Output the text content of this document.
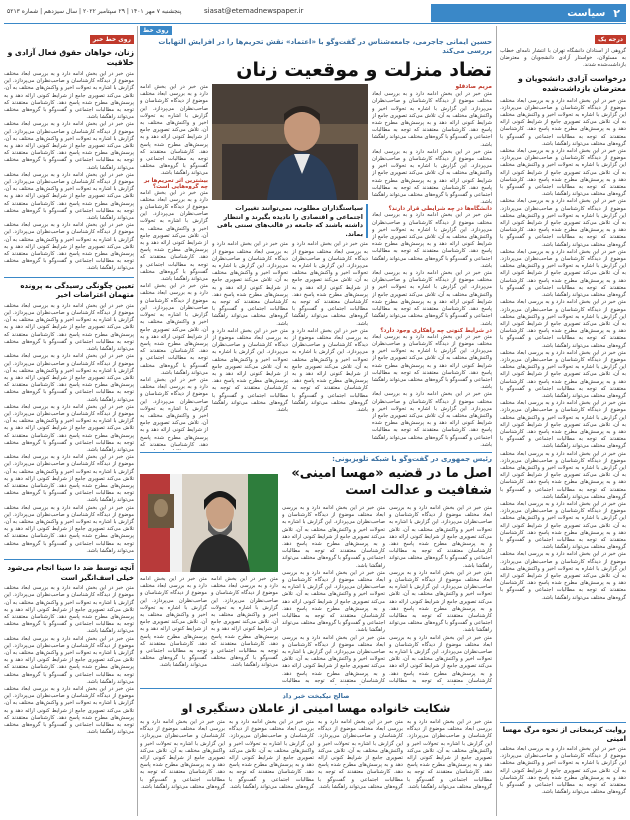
۲
سیاست
siasat@etemadnewspaper.ir
پنجشنبه ۷ مهر ۱۴۰۱ | ۲۹ سپتامبر ۲۰۲۲ | سال سیزدهم | شماره ۵۲۱۳
درجه یک
گروهی از استادان دانشگاه تهران با انتشار نامه‌ای خطاب به مسئولان، خواستار آزادی دانشجویان و معترضان بازداشت‌شده شدند.
درخواست آزادی دانشجویان و معترضان بازداشت‌شده
متن خبر در این بخش ادامه دارد و به بررسی ابعاد مختلف موضوع از دیدگاه کارشناسان و صاحب‌نظران می‌پردازد. این گزارش با اشاره به تحولات اخیر و واکنش‌های مختلف به آن، تلاش می‌کند تصویری جامع از شرایط کنونی ارائه دهد و به پرسش‌های مطرح شده پاسخ دهد. کارشناسان معتقدند که توجه به مطالبات اجتماعی و گفت‌وگو با گروه‌های مختلف می‌تواند راهگشا باشد.
متن خبر در این بخش ادامه دارد و به بررسی ابعاد مختلف موضوع از دیدگاه کارشناسان و صاحب‌نظران می‌پردازد. این گزارش با اشاره به تحولات اخیر و واکنش‌های مختلف به آن، تلاش می‌کند تصویری جامع از شرایط کنونی ارائه دهد و به پرسش‌های مطرح شده پاسخ دهد. کارشناسان معتقدند که توجه به مطالبات اجتماعی و گفت‌وگو با گروه‌های مختلف می‌تواند راهگشا باشد.
متن خبر در این بخش ادامه دارد و به بررسی ابعاد مختلف موضوع از دیدگاه کارشناسان و صاحب‌نظران می‌پردازد. این گزارش با اشاره به تحولات اخیر و واکنش‌های مختلف به آن، تلاش می‌کند تصویری جامع از شرایط کنونی ارائه دهد و به پرسش‌های مطرح شده پاسخ دهد. کارشناسان معتقدند که توجه به مطالبات اجتماعی و گفت‌وگو با گروه‌های مختلف می‌تواند راهگشا باشد.
متن خبر در این بخش ادامه دارد و به بررسی ابعاد مختلف موضوع از دیدگاه کارشناسان و صاحب‌نظران می‌پردازد. این گزارش با اشاره به تحولات اخیر و واکنش‌های مختلف به آن، تلاش می‌کند تصویری جامع از شرایط کنونی ارائه دهد و به پرسش‌های مطرح شده پاسخ دهد. کارشناسان معتقدند که توجه به مطالبات اجتماعی و گفت‌وگو با گروه‌های مختلف می‌تواند راهگشا باشد.
متن خبر در این بخش ادامه دارد و به بررسی ابعاد مختلف موضوع از دیدگاه کارشناسان و صاحب‌نظران می‌پردازد. این گزارش با اشاره به تحولات اخیر و واکنش‌های مختلف به آن، تلاش می‌کند تصویری جامع از شرایط کنونی ارائه دهد و به پرسش‌های مطرح شده پاسخ دهد. کارشناسان معتقدند که توجه به مطالبات اجتماعی و گفت‌وگو با گروه‌های مختلف می‌تواند راهگشا باشد.
متن خبر در این بخش ادامه دارد و به بررسی ابعاد مختلف موضوع از دیدگاه کارشناسان و صاحب‌نظران می‌پردازد. این گزارش با اشاره به تحولات اخیر و واکنش‌های مختلف به آن، تلاش می‌کند تصویری جامع از شرایط کنونی ارائه دهد و به پرسش‌های مطرح شده پاسخ دهد. کارشناسان معتقدند که توجه به مطالبات اجتماعی و گفت‌وگو با گروه‌های مختلف می‌تواند راهگشا باشد.
متن خبر در این بخش ادامه دارد و به بررسی ابعاد مختلف موضوع از دیدگاه کارشناسان و صاحب‌نظران می‌پردازد. این گزارش با اشاره به تحولات اخیر و واکنش‌های مختلف به آن، تلاش می‌کند تصویری جامع از شرایط کنونی ارائه دهد و به پرسش‌های مطرح شده پاسخ دهد. کارشناسان معتقدند که توجه به مطالبات اجتماعی و گفت‌وگو با گروه‌های مختلف می‌تواند راهگشا باشد.
متن خبر در این بخش ادامه دارد و به بررسی ابعاد مختلف موضوع از دیدگاه کارشناسان و صاحب‌نظران می‌پردازد. این گزارش با اشاره به تحولات اخیر و واکنش‌های مختلف به آن، تلاش می‌کند تصویری جامع از شرایط کنونی ارائه دهد و به پرسش‌های مطرح شده پاسخ دهد. کارشناسان معتقدند که توجه به مطالبات اجتماعی و گفت‌وگو با گروه‌های مختلف می‌تواند راهگشا باشد.
متن خبر در این بخش ادامه دارد و به بررسی ابعاد مختلف موضوع از دیدگاه کارشناسان و صاحب‌نظران می‌پردازد. این گزارش با اشاره به تحولات اخیر و واکنش‌های مختلف به آن، تلاش می‌کند تصویری جامع از شرایط کنونی ارائه دهد و به پرسش‌های مطرح شده پاسخ دهد. کارشناسان معتقدند که توجه به مطالبات اجتماعی و گفت‌وگو با گروه‌های مختلف می‌تواند راهگشا باشد.
متن خبر در این بخش ادامه دارد و به بررسی ابعاد مختلف موضوع از دیدگاه کارشناسان و صاحب‌نظران می‌پردازد. این گزارش با اشاره به تحولات اخیر و واکنش‌های مختلف به آن، تلاش می‌کند تصویری جامع از شرایط کنونی ارائه دهد و به پرسش‌های مطرح شده پاسخ دهد. کارشناسان معتقدند که توجه به مطالبات اجتماعی و گفت‌وگو با گروه‌های مختلف می‌تواند راهگشا باشد.
روایت کریمخانی از نحوه مرگ مهسا امینی
متن خبر در این بخش ادامه دارد و به بررسی ابعاد مختلف موضوع از دیدگاه کارشناسان و صاحب‌نظران می‌پردازد. این گزارش با اشاره به تحولات اخیر و واکنش‌های مختلف به آن، تلاش می‌کند تصویری جامع از شرایط کنونی ارائه دهد و به پرسش‌های مطرح شده پاسخ دهد. کارشناسان معتقدند که توجه به مطالبات اجتماعی و گفت‌وگو با گروه‌های مختلف می‌تواند راهگشا باشد.
روی خط
حسین ایمانی جاجرمی، جامعه‌شناس در گفت‌وگو با «اعتماد» نقش تحریم‌ها را در افزایش التهابات بررسی می‌کند
تضاد منزلت و موقعیت زنان
مریم صادقلو
متن خبر در این بخش ادامه دارد و به بررسی ابعاد مختلف موضوع از دیدگاه کارشناسان و صاحب‌نظران می‌پردازد. این گزارش با اشاره به تحولات اخیر و واکنش‌های مختلف به آن، تلاش می‌کند تصویری جامع از شرایط کنونی ارائه دهد و به پرسش‌های مطرح شده پاسخ دهد. کارشناسان معتقدند که توجه به مطالبات اجتماعی و گفت‌وگو با گروه‌های مختلف می‌تواند راهگشا باشد.
متن خبر در این بخش ادامه دارد و به بررسی ابعاد مختلف موضوع از دیدگاه کارشناسان و صاحب‌نظران می‌پردازد. این گزارش با اشاره به تحولات اخیر و واکنش‌های مختلف به آن، تلاش می‌کند تصویری جامع از شرایط کنونی ارائه دهد و به پرسش‌های مطرح شده پاسخ دهد. کارشناسان معتقدند که توجه به مطالبات اجتماعی و گفت‌وگو با گروه‌های مختلف می‌تواند راهگشا باشد.
دانشگاه‌ها در چه شرایطی قرار دارند؟
متن خبر در این بخش ادامه دارد و به بررسی ابعاد مختلف موضوع از دیدگاه کارشناسان و صاحب‌نظران می‌پردازد. این گزارش با اشاره به تحولات اخیر و واکنش‌های مختلف به آن، تلاش می‌کند تصویری جامع از شرایط کنونی ارائه دهد و به پرسش‌های مطرح شده پاسخ دهد. کارشناسان معتقدند که توجه به مطالبات اجتماعی و گفت‌وگو با گروه‌های مختلف می‌تواند راهگشا باشد.
متن خبر در این بخش ادامه دارد و به بررسی ابعاد مختلف موضوع از دیدگاه کارشناسان و صاحب‌نظران می‌پردازد. این گزارش با اشاره به تحولات اخیر و واکنش‌های مختلف به آن، تلاش می‌کند تصویری جامع از شرایط کنونی ارائه دهد و به پرسش‌های مطرح شده پاسخ دهد. کارشناسان معتقدند که توجه به مطالبات اجتماعی و گفت‌وگو با گروه‌های مختلف می‌تواند راهگشا باشد.
در شرایط کنونی چه راهکاری وجود دارد؟
متن خبر در این بخش ادامه دارد و به بررسی ابعاد مختلف موضوع از دیدگاه کارشناسان و صاحب‌نظران می‌پردازد. این گزارش با اشاره به تحولات اخیر و واکنش‌های مختلف به آن، تلاش می‌کند تصویری جامع از شرایط کنونی ارائه دهد و به پرسش‌های مطرح شده پاسخ دهد. کارشناسان معتقدند که توجه به مطالبات اجتماعی و گفت‌وگو با گروه‌های مختلف می‌تواند راهگشا باشد.
متن خبر در این بخش ادامه دارد و به بررسی ابعاد مختلف موضوع از دیدگاه کارشناسان و صاحب‌نظران می‌پردازد. این گزارش با اشاره به تحولات اخیر و واکنش‌های مختلف به آن، تلاش می‌کند تصویری جامع از شرایط کنونی ارائه دهد و به پرسش‌های مطرح شده پاسخ دهد. کارشناسان معتقدند که توجه به مطالبات اجتماعی و گفت‌وگو با گروه‌های مختلف می‌تواند راهگشا باشد.
متن خبر در این بخش ادامه دارد و به بررسی ابعاد مختلف موضوع از دیدگاه کارشناسان و صاحب‌نظران می‌پردازد. این گزارش با اشاره به تحولات اخیر و واکنش‌های مختلف به آن، تلاش می‌کند تصویری جامع از شرایط کنونی ارائه دهد و به پرسش‌های مطرح شده پاسخ دهد. کارشناسان معتقدند که توجه به مطالبات اجتماعی و گفت‌وگو با گروه‌های مختلف می‌تواند راهگشا باشد.
بیشترین اثر تحریم‌ها بر چه گروه‌هایی است؟
متن خبر در این بخش ادامه دارد و به بررسی ابعاد مختلف موضوع از دیدگاه کارشناسان و صاحب‌نظران می‌پردازد. این گزارش با اشاره به تحولات اخیر و واکنش‌های مختلف به آن، تلاش می‌کند تصویری جامع از شرایط کنونی ارائه دهد و به پرسش‌های مطرح شده پاسخ دهد. کارشناسان معتقدند که توجه به مطالبات اجتماعی و گفت‌وگو با گروه‌های مختلف می‌تواند راهگشا باشد.
متن خبر در این بخش ادامه دارد و به بررسی ابعاد مختلف موضوع از دیدگاه کارشناسان و صاحب‌نظران می‌پردازد. این گزارش با اشاره به تحولات اخیر و واکنش‌های مختلف به آن، تلاش می‌کند تصویری جامع از شرایط کنونی ارائه دهد و به پرسش‌های مطرح شده پاسخ دهد. کارشناسان معتقدند که توجه به مطالبات اجتماعی و گفت‌وگو با گروه‌های مختلف می‌تواند راهگشا باشد.
متن خبر در این بخش ادامه دارد و به بررسی ابعاد مختلف موضوع از دیدگاه کارشناسان و صاحب‌نظران می‌پردازد. این گزارش با اشاره به تحولات اخیر و واکنش‌های مختلف به آن، تلاش می‌کند تصویری جامع از شرایط کنونی ارائه دهد و به پرسش‌های مطرح شده پاسخ دهد. کارشناسان معتقدند که
سیاستگذاران مطلوب، نمی‌توانند تغییرات اجتماعی و اقتصادی را نادیده بگیرند و انتظار داشته باشند که جامعه در قالب‌های سنتی باقی بماند.
متن خبر در این بخش ادامه دارد و به بررسی ابعاد مختلف موضوع از دیدگاه کارشناسان و صاحب‌نظران می‌پردازد. این گزارش با اشاره به تحولات اخیر و واکنش‌های مختلف به آن، تلاش می‌کند تصویری جامع از شرایط کنونی ارائه دهد و به پرسش‌های مطرح شده پاسخ دهد. کارشناسان معتقدند که توجه به مطالبات اجتماعی و گفت‌وگو با گروه‌های مختلف می‌تواند راهگشا باشد.
متن خبر در این بخش ادامه دارد و به بررسی ابعاد مختلف موضوع از دیدگاه کارشناسان و صاحب‌نظران می‌پردازد. این گزارش با اشاره به تحولات اخیر و واکنش‌های مختلف به آن، تلاش می‌کند تصویری جامع از شرایط کنونی ارائه دهد و به پرسش‌های مطرح شده پاسخ دهد. کارشناسان معتقدند که توجه به مطالبات اجتماعی و گفت‌وگو با گروه‌های مختلف می‌تواند راهگشا باشد.
متن خبر در این بخش ادامه دارد و به بررسی ابعاد مختلف موضوع از دیدگاه کارشناسان و صاحب‌نظران می‌پردازد. این گزارش با اشاره به تحولات اخیر و واکنش‌های مختلف به آن، تلاش می‌کند تصویری جامع از شرایط کنونی ارائه دهد و به پرسش‌های مطرح شده پاسخ دهد. کارشناسان معتقدند که توجه به مطالبات اجتماعی و گفت‌وگو با گروه‌های مختلف می‌تواند راهگشا باشد.
متن خبر در این بخش ادامه دارد و به بررسی ابعاد مختلف موضوع از دیدگاه کارشناسان و صاحب‌نظران می‌پردازد. این گزارش با اشاره به تحولات اخیر و واکنش‌های مختلف به آن، تلاش می‌کند تصویری جامع از شرایط کنونی ارائه دهد و به پرسش‌های مطرح شده پاسخ دهد. کارشناسان معتقدند که توجه به مطالبات اجتماعی و گفت‌وگو با گروه‌های مختلف می‌تواند راهگشا باشد.
روی خط خبر
زنان، خواهان حقوق فعال آزادی و خلاقیت
متن خبر در این بخش ادامه دارد و به بررسی ابعاد مختلف موضوع از دیدگاه کارشناسان و صاحب‌نظران می‌پردازد. این گزارش با اشاره به تحولات اخیر و واکنش‌های مختلف به آن، تلاش می‌کند تصویری جامع از شرایط کنونی ارائه دهد و به پرسش‌های مطرح شده پاسخ دهد. کارشناسان معتقدند که توجه به مطالبات اجتماعی و گفت‌وگو با گروه‌های مختلف می‌تواند راهگشا باشد.
متن خبر در این بخش ادامه دارد و به بررسی ابعاد مختلف موضوع از دیدگاه کارشناسان و صاحب‌نظران می‌پردازد. این گزارش با اشاره به تحولات اخیر و واکنش‌های مختلف به آن، تلاش می‌کند تصویری جامع از شرایط کنونی ارائه دهد و به پرسش‌های مطرح شده پاسخ دهد. کارشناسان معتقدند که توجه به مطالبات اجتماعی و گفت‌وگو با گروه‌های مختلف می‌تواند راهگشا باشد.
متن خبر در این بخش ادامه دارد و به بررسی ابعاد مختلف موضوع از دیدگاه کارشناسان و صاحب‌نظران می‌پردازد. این گزارش با اشاره به تحولات اخیر و واکنش‌های مختلف به آن، تلاش می‌کند تصویری جامع از شرایط کنونی ارائه دهد و به پرسش‌های مطرح شده پاسخ دهد. کارشناسان معتقدند که توجه به مطالبات اجتماعی و گفت‌وگو با گروه‌های مختلف می‌تواند راهگشا باشد.
متن خبر در این بخش ادامه دارد و به بررسی ابعاد مختلف موضوع از دیدگاه کارشناسان و صاحب‌نظران می‌پردازد. این گزارش با اشاره به تحولات اخیر و واکنش‌های مختلف به آن، تلاش می‌کند تصویری جامع از شرایط کنونی ارائه دهد و به پرسش‌های مطرح شده پاسخ دهد. کارشناسان معتقدند که توجه به مطالبات اجتماعی و گفت‌وگو با گروه‌های مختلف می‌تواند راهگشا باشد.
تعیین چگونگی رسیدگی به پرونده متهمان اعتراضات اخیر
متن خبر در این بخش ادامه دارد و به بررسی ابعاد مختلف موضوع از دیدگاه کارشناسان و صاحب‌نظران می‌پردازد. این گزارش با اشاره به تحولات اخیر و واکنش‌های مختلف به آن، تلاش می‌کند تصویری جامع از شرایط کنونی ارائه دهد و به پرسش‌های مطرح شده پاسخ دهد. کارشناسان معتقدند که توجه به مطالبات اجتماعی و گفت‌وگو با گروه‌های مختلف می‌تواند راهگشا باشد.
متن خبر در این بخش ادامه دارد و به بررسی ابعاد مختلف موضوع از دیدگاه کارشناسان و صاحب‌نظران می‌پردازد. این گزارش با اشاره به تحولات اخیر و واکنش‌های مختلف به آن، تلاش می‌کند تصویری جامع از شرایط کنونی ارائه دهد و به پرسش‌های مطرح شده پاسخ دهد. کارشناسان معتقدند که توجه به مطالبات اجتماعی و گفت‌وگو با گروه‌های مختلف می‌تواند راهگشا باشد.
متن خبر در این بخش ادامه دارد و به بررسی ابعاد مختلف موضوع از دیدگاه کارشناسان و صاحب‌نظران می‌پردازد. این گزارش با اشاره به تحولات اخیر و واکنش‌های مختلف به آن، تلاش می‌کند تصویری جامع از شرایط کنونی ارائه دهد و به پرسش‌های مطرح شده پاسخ دهد. کارشناسان معتقدند که توجه به مطالبات اجتماعی و گفت‌وگو با گروه‌های مختلف می‌تواند راهگشا باشد.
متن خبر در این بخش ادامه دارد و به بررسی ابعاد مختلف موضوع از دیدگاه کارشناسان و صاحب‌نظران می‌پردازد. این گزارش با اشاره به تحولات اخیر و واکنش‌های مختلف به آن، تلاش می‌کند تصویری جامع از شرایط کنونی ارائه دهد و به پرسش‌های مطرح شده پاسخ دهد. کارشناسان معتقدند که توجه به مطالبات اجتماعی و گفت‌وگو با گروه‌های مختلف می‌تواند راهگشا باشد.
متن خبر در این بخش ادامه دارد و به بررسی ابعاد مختلف موضوع از دیدگاه کارشناسان و صاحب‌نظران می‌پردازد. این گزارش با اشاره به تحولات اخیر و واکنش‌های مختلف به آن، تلاش می‌کند تصویری جامع از شرایط کنونی ارائه دهد و به پرسش‌های مطرح شده پاسخ دهد. کارشناسان معتقدند که توجه به مطالبات اجتماعی و گفت‌وگو با گروه‌های مختلف می‌تواند راهگشا باشد.
آنچه توسط ضد دا سینا انجام می‌شود خیلی اسف‌انگیز است
متن خبر در این بخش ادامه دارد و به بررسی ابعاد مختلف موضوع از دیدگاه کارشناسان و صاحب‌نظران می‌پردازد. این گزارش با اشاره به تحولات اخیر و واکنش‌های مختلف به آن، تلاش می‌کند تصویری جامع از شرایط کنونی ارائه دهد و به پرسش‌های مطرح شده پاسخ دهد. کارشناسان معتقدند که توجه به مطالبات اجتماعی و گفت‌وگو با گروه‌های مختلف می‌تواند راهگشا باشد.
متن خبر در این بخش ادامه دارد و به بررسی ابعاد مختلف موضوع از دیدگاه کارشناسان و صاحب‌نظران می‌پردازد. این گزارش با اشاره به تحولات اخیر و واکنش‌های مختلف به آن، تلاش می‌کند تصویری جامع از شرایط کنونی ارائه دهد و به پرسش‌های مطرح شده پاسخ دهد. کارشناسان معتقدند که توجه به مطالبات اجتماعی و گفت‌وگو با گروه‌های مختلف می‌تواند راهگشا باشد.
متن خبر در این بخش ادامه دارد و به بررسی ابعاد مختلف موضوع از دیدگاه کارشناسان و صاحب‌نظران می‌پردازد. این گزارش با اشاره به تحولات اخیر و واکنش‌های مختلف به آن، تلاش می‌کند تصویری جامع از شرایط کنونی ارائه دهد و به پرسش‌های مطرح شده پاسخ دهد. کارشناسان معتقدند که توجه به مطالبات اجتماعی و گفت‌وگو با گروه‌های مختلف می‌تواند راهگشا باشد.
رئیس جمهوری در گفت‌وگو با شبکه تلویزیونی:
اصل ما در قضیه «مهسا امینی» شفافیت و عدالت است
متن خبر در این بخش ادامه دارد و به بررسی ابعاد مختلف موضوع از دیدگاه کارشناسان و صاحب‌نظران می‌پردازد. این گزارش با اشاره به تحولات اخیر و واکنش‌های مختلف به آن، تلاش می‌کند تصویری جامع از شرایط کنونی ارائه دهد و به پرسش‌های مطرح شده پاسخ دهد. کارشناسان معتقدند که توجه به مطالبات اجتماعی و گفت‌وگو با گروه‌های مختلف می‌تواند راهگشا باشد.
متن خبر در این بخش ادامه دارد و به بررسی ابعاد مختلف موضوع از دیدگاه کارشناسان و صاحب‌نظران می‌پردازد. این گزارش با اشاره به تحولات اخیر و واکنش‌های مختلف به آن، تلاش می‌کند تصویری جامع از شرایط کنونی ارائه دهد و به پرسش‌های مطرح شده پاسخ دهد. کارشناسان معتقدند که توجه به مطالبات اجتماعی و گفت‌وگو با گروه‌های مختلف می‌تواند راهگشا باشد.
متن خبر در این بخش ادامه دارد و به بررسی ابعاد مختلف موضوع از دیدگاه کارشناسان و صاحب‌نظران می‌پردازد. این گزارش با اشاره به تحولات اخیر و واکنش‌های مختلف به آن، تلاش می‌کند تصویری جامع از شرایط کنونی ارائه دهد و به پرسش‌های مطرح شده پاسخ دهد. کارشناسان معتقدند که توجه به مطالبات
متن خبر در این بخش ادامه دارد و به بررسی ابعاد مختلف موضوع از دیدگاه کارشناسان و صاحب‌نظران می‌پردازد. این گزارش با اشاره به تحولات اخیر و واکنش‌های مختلف به آن، تلاش می‌کند تصویری جامع از شرایط کنونی ارائه دهد و به پرسش‌های مطرح شده پاسخ دهد. کارشناسان معتقدند که توجه به مطالبات اجتماعی و گفت‌وگو با گروه‌های مختلف می‌تواند راهگشا باشد.
متن خبر در این بخش ادامه دارد و به بررسی ابعاد مختلف موضوع از دیدگاه کارشناسان و صاحب‌نظران می‌پردازد. این گزارش با اشاره به تحولات اخیر و واکنش‌های مختلف به آن، تلاش می‌کند تصویری جامع از شرایط کنونی ارائه دهد و به پرسش‌های مطرح شده پاسخ دهد. کارشناسان معتقدند که توجه به مطالبات اجتماعی و گفت‌وگو با گروه‌های مختلف می‌تواند راهگشا باشد.
متن خبر در این بخش ادامه دارد و به بررسی ابعاد مختلف موضوع از دیدگاه کارشناسان و صاحب‌نظران می‌پردازد. این گزارش با اشاره به تحولات اخیر و واکنش‌های مختلف به آن، تلاش می‌کند تصویری جامع از شرایط کنونی ارائه دهد و به پرسش‌های مطرح شده پاسخ دهد. کارشناسان معتقدند که توجه به مطالبات
متن خبر در این بخش ادامه دارد و به بررسی ابعاد مختلف موضوع از دیدگاه کارشناسان و صاحب‌نظران می‌پردازد. این گزارش با اشاره به تحولات اخیر و واکنش‌های مختلف به آن، تلاش می‌کند تصویری جامع از شرایط کنونی ارائه دهد و به پرسش‌های مطرح شده پاسخ دهد. کارشناسان معتقدند که توجه به مطالبات اجتماعی و گفت‌وگو با گروه‌های مختلف می‌تواند راهگشا باشد.
متن خبر در این بخش ادامه دارد و به بررسی ابعاد مختلف موضوع از دیدگاه کارشناسان و صاحب‌نظران می‌پردازد. این گزارش با اشاره به تحولات اخیر و واکنش‌های مختلف به آن، تلاش می‌کند تصویری جامع از شرایط کنونی ارائه دهد و به پرسش‌های مطرح شده پاسخ دهد. کارشناسان معتقدند که توجه به مطالبات اجتماعی و گفت‌وگو با گروه‌های مختلف می‌تواند راهگشا باشد.
صالح نیکبخت خبر داد
شکایت خانواده مهسا امینی از عاملان دستگیری او
متن خبر در این بخش ادامه دارد و به بررسی ابعاد مختلف موضوع از دیدگاه کارشناسان و صاحب‌نظران می‌پردازد. این گزارش با اشاره به تحولات اخیر و واکنش‌های مختلف به آن، تلاش می‌کند تصویری جامع از شرایط کنونی ارائه دهد و به پرسش‌های مطرح شده پاسخ دهد. کارشناسان معتقدند که توجه به مطالبات اجتماعی و گفت‌وگو با گروه‌های مختلف می‌تواند راهگشا باشد.
متن خبر در این بخش ادامه دارد و به بررسی ابعاد مختلف موضوع از دیدگاه کارشناسان و صاحب‌نظران می‌پردازد. این گزارش با اشاره به تحولات اخیر و واکنش‌های مختلف به آن، تلاش می‌کند تصویری جامع از شرایط کنونی ارائه دهد و به پرسش‌های مطرح شده پاسخ دهد. کارشناسان معتقدند که توجه به مطالبات اجتماعی و گفت‌وگو با گروه‌های مختلف می‌تواند راهگشا باشد.
متن خبر در این بخش ادامه دارد و به بررسی ابعاد مختلف موضوع از دیدگاه کارشناسان و صاحب‌نظران می‌پردازد. این گزارش با اشاره به تحولات اخیر و واکنش‌های مختلف به آن، تلاش می‌کند تصویری جامع از شرایط کنونی ارائه دهد و به پرسش‌های مطرح شده پاسخ دهد. کارشناسان معتقدند که توجه به مطالبات اجتماعی و گفت‌وگو با گروه‌های مختلف می‌تواند راهگشا باشد.
متن خبر در این بخش ادامه دارد و به بررسی ابعاد مختلف موضوع از دیدگاه کارشناسان و صاحب‌نظران می‌پردازد. این گزارش با اشاره به تحولات اخیر و واکنش‌های مختلف به آن، تلاش می‌کند تصویری جامع از شرایط کنونی ارائه دهد و به پرسش‌های مطرح شده پاسخ دهد. کارشناسان معتقدند که توجه به مطالبات اجتماعی و گفت‌وگو با گروه‌های مختلف می‌تواند راهگشا باشد.
